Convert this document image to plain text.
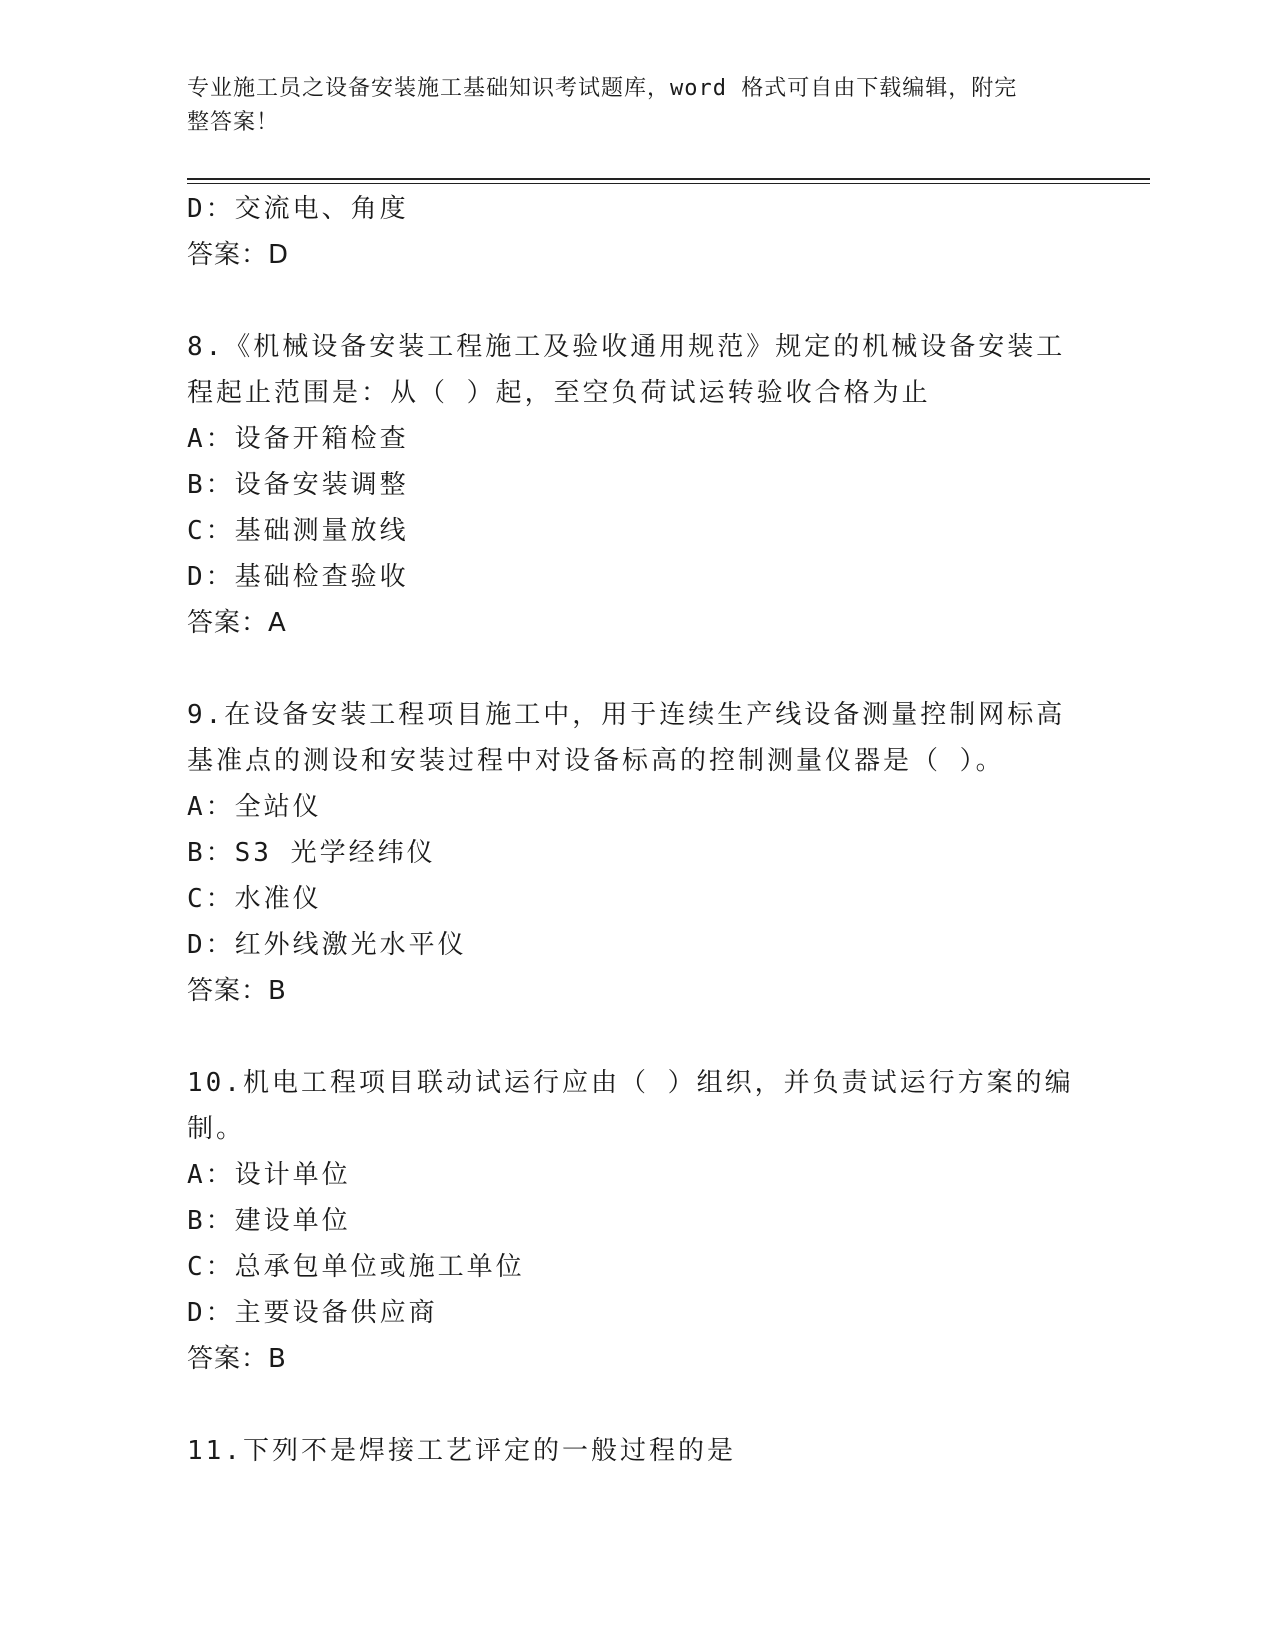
专业施工员之设备安装施工基础知识考试题库，word 格式可自由下载编辑，附完
整答案！
D：交流电、角度
答案：D
8.《机械设备安装工程施工及验收通用规范》规定的机械设备安装工
程起止范围是：从（ ）起，至空负荷试运转验收合格为止
A：设备开箱检查
B：设备安装调整
C：基础测量放线
D：基础检查验收
答案：A
9.在设备安装工程项目施工中，用于连续生产线设备测量控制网标高
基准点的测设和安装过程中对设备标高的控制测量仪器是（ ）。
A：全站仪
B：S3 光学经纬仪
C：水准仪
D：红外线激光水平仪
答案：B
10.机电工程项目联动试运行应由（ ）组织，并负责试运行方案的编
制。
A：设计单位
B：建设单位
C：总承包单位或施工单位
D：主要设备供应商
答案：B
11.下列不是焊接工艺评定的一般过程的是
